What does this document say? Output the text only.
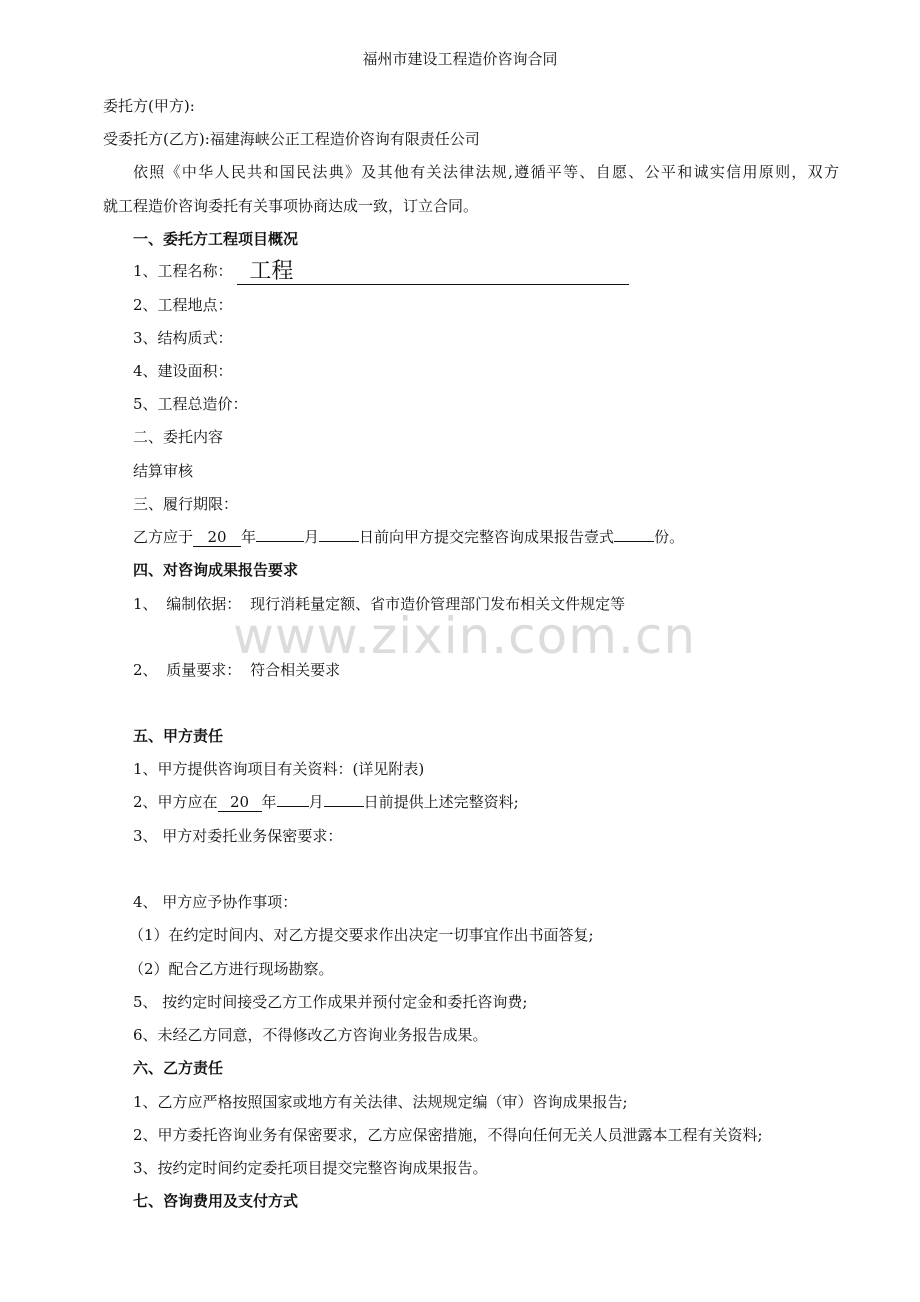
福州市建设工程造价咨询合同
委托方(甲方):
受委托方(乙方):福建海峡公正工程造价咨询有限责任公司
依照《中华人民共和国民法典》及其他有关法律法规,遵循平等、自愿、公平和诚实信用原则，双方
就工程造价咨询委托有关事项协商达成一致，订立合同。
一、委托方工程项目概况
1、工程名称： 工程
2、工程地点：
3、结构质式：
4、建设面积：
5、工程总造价：
二、委托内容
结算审核
三、履行期限：
乙方应于 20 年	月	日前向甲方提交完整咨询成果报告壹式	份。
四、对咨询成果报告要求
1、 编制依据： 现行消耗量定额、省市造价管理部门发布相关文件规定等
www.zixin.com.cn
2、 质量要求： 符合相关要求
五、甲方责任
1、甲方提供咨询项目有关资料：(详见附表)
2、甲方应在 20 年 月	日前提供上述完整资料;
3、 甲方对委托业务保密要求：
4、 甲方应予协作事项：
（1）在约定时间内、对乙方提交要求作出决定一切事宜作出书面答复;
（2）配合乙方进行现场勘察。
5、 按约定时间接受乙方工作成果并预付定金和委托咨询费;
6、未经乙方同意，不得修改乙方咨询业务报告成果。
六、乙方责任
1、乙方应严格按照国家或地方有关法律、法规规定编（审）咨询成果报告;
2、甲方委托咨询业务有保密要求，乙方应保密措施，不得向任何无关人员泄露本工程有关资料;
3、按约定时间约定委托项目提交完整咨询成果报告。
七、咨询费用及支付方式
